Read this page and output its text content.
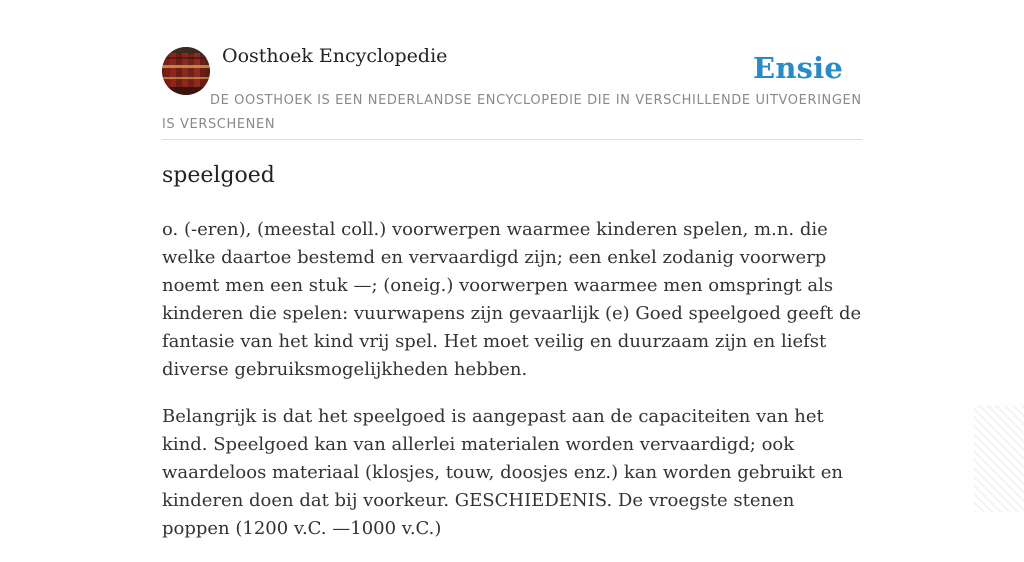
Oosthoek Encyclopedie	Ensie
DE OOSTHOEK IS EEN NEDERLANDSE ENCYCLOPEDIE DIE IN VERSCHILLENDE UITVOERINGEN IS VERSCHENEN
speelgoed

o. (-eren), (meestal coll.) voorwerpen waarmee kinderen spelen, m.n. die welke daartoe bestemd en vervaardigd zijn; een enkel zodanig voorwerp noemt men een stuk —; (oneig.) voorwerpen waarmee men omspringt als kinderen die spelen: vuurwapens zijn gevaarlijk (e) Goed speelgoed geeft de fantasie van het kind vrij spel. Het moet veilig en duurzaam zijn en liefst diverse gebruiksmogelijkheden hebben.

Belangrijk is dat het speelgoed is aangepast aan de capaciteiten van het kind. Speelgoed kan van allerlei materialen worden vervaardigd; ook waardeloos materiaal (klosjes, touw, doosjes enz.) kan worden gebruikt en kinderen doen dat bij voorkeur. GESCHIEDENIS. De vroegste stenen poppen (1200 v.C. —1000 v.C.)
